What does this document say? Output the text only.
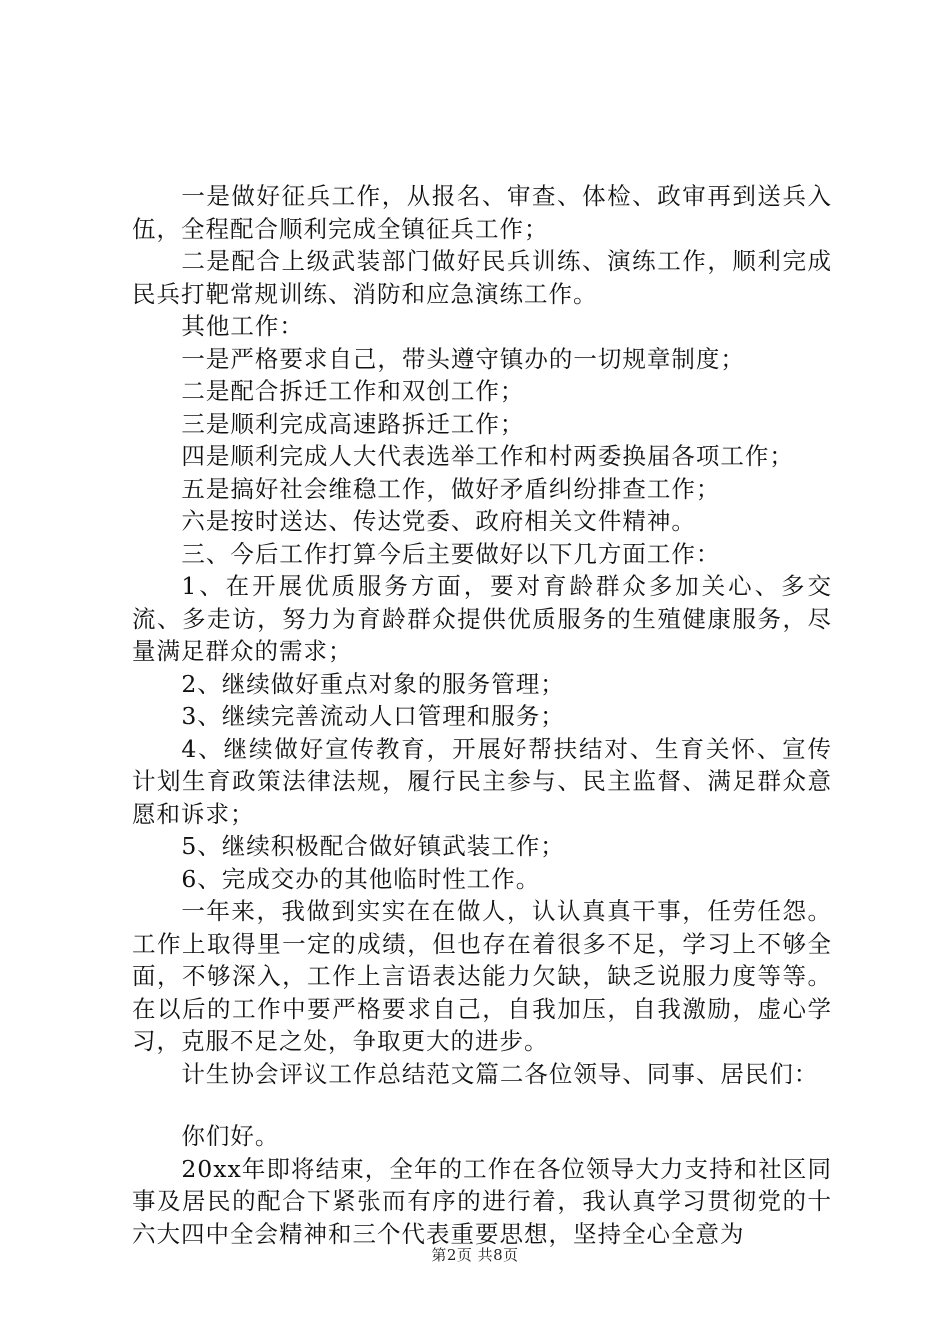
一是做好征兵工作，从报名、审查、体检、政审再到送兵入伍，全程配合顺利完成全镇征兵工作；

二是配合上级武装部门做好民兵训练、演练工作，顺利完成民兵打靶常规训练、消防和应急演练工作。

其他工作：

一是严格要求自己，带头遵守镇办的一切规章制度；

二是配合拆迁工作和双创工作；

三是顺利完成高速路拆迁工作；

四是顺利完成人大代表选举工作和村两委换届各项工作；

五是搞好社会维稳工作，做好矛盾纠纷排查工作；

六是按时送达、传达党委、政府相关文件精神。

三、今后工作打算今后主要做好以下几方面工作：

1、在开展优质服务方面，要对育龄群众多加关心、多交流、多走访，努力为育龄群众提供优质服务的生殖健康服务，尽量满足群众的需求；

2、继续做好重点对象的服务管理；

3、继续完善流动人口管理和服务；

4、继续做好宣传教育，开展好帮扶结对、生育关怀、宣传计划生育政策法律法规，履行民主参与、民主监督、满足群众意愿和诉求；

5、继续积极配合做好镇武装工作；

6、完成交办的其他临时性工作。

一年来，我做到实实在在做人，认认真真干事，任劳任怨。工作上取得里一定的成绩，但也存在着很多不足，学习上不够全面，不够深入，工作上言语表达能力欠缺，缺乏说服力度等等。在以后的工作中要严格要求自己，自我加压，自我激励，虚心学习，克服不足之处，争取更大的进步。

计生协会评议工作总结范文篇二各位领导、同事、居民们：

你们好。

20xx年即将结束，全年的工作在各位领导大力支持和社区同事及居民的配合下紧张而有序的进行着，我认真学习贯彻党的十六大四中全会精神和三个代表重要思想，坚持全心全意为

第2页 共8页
